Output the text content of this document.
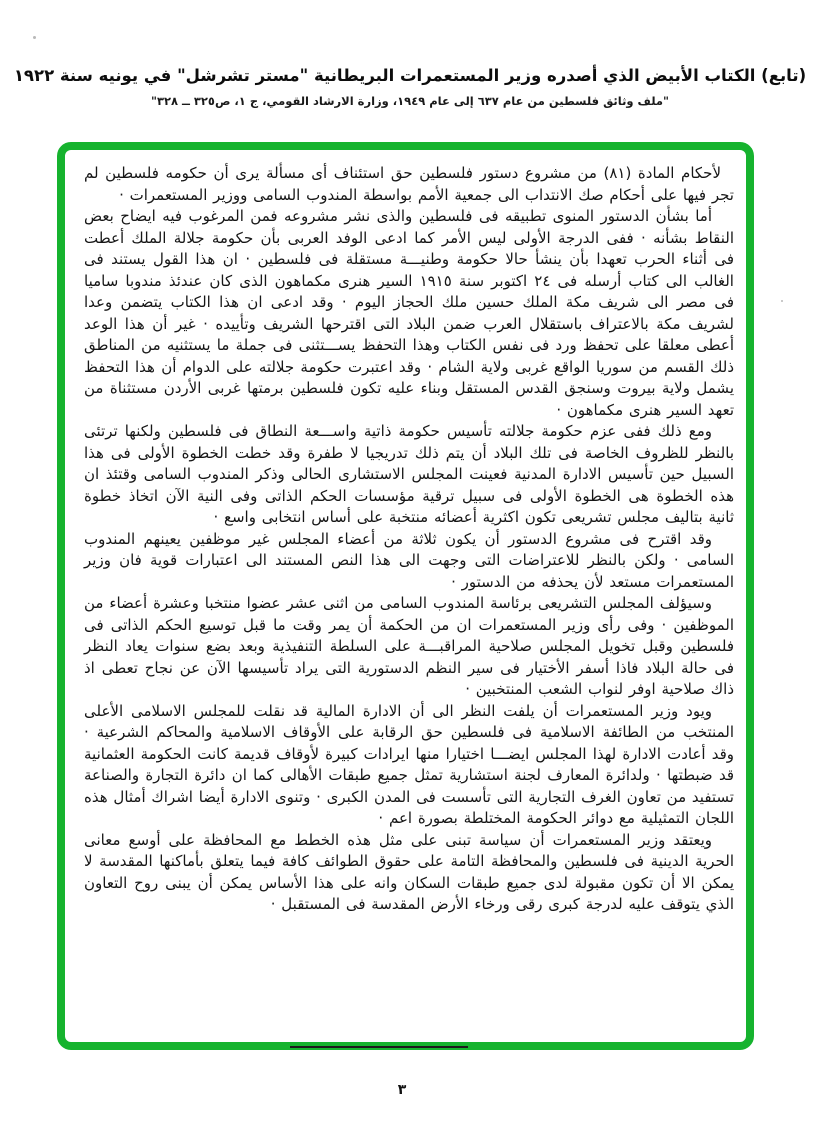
(تابع) الكتاب الأبيض الذي أصدره وزير المستعمرات البريطانية "مستر تشرشل" في يونيه سنة ١٩٢٢
"ملف وثائق فلسطين من عام ٦٣٧ إلى عام ١٩٤٩، وزارة الارشاد القومي، ج ١، ص٣٢٥ ــ ٣٢٨"

لأحكام المادة (٨١) من مشروع دستور فلسطين حق استئناف أى مسألة يرى أن حكومه فلسطين لم تجر فيها على أحكام صك الانتداب الى جمعية الأمم بواسطة المندوب السامى ووزير المستعمرات ·

أما بشأن الدستور المنوى تطبيقه فى فلسطين والذى نشر مشروعه فمن المرغوب فيه ايضاح بعض النقاط بشأنه · ففى الدرجة الأولى ليس الأمر كما ادعى الوفد العربى بأن حكومة جلالة الملك أعطت فى أثناء الحرب تعهدا بأن ينشأ حالا حكومة وطنيـــة مستقلة فى فلسطين · ان هذا القول يستند فى الغالب الى كتاب أرسله فى ٢٤ اكتوبر سنة ١٩١٥ السير هنرى مكماهون الذى كان عندئذ مندوبا ساميا فى مصر الى شريف مكة الملك حسين ملك الحجاز اليوم · وقد ادعى ان هذا الكتاب يتضمن وعدا لشريف مكة بالاعتراف باستقلال العرب ضمن البلاد التى اقترحها الشريف وتأييده · غير أن هذا الوعد أعطى معلقا على تحفظ ورد فى نفس الكتاب وهذا التحفظ يســـتثنى فى جملة ما يستثنيه من المناطق ذلك القسم من سوريا الواقع غربى ولاية الشام · وقد اعتبرت حكومة جلالته على الدوام أن هذا التحفظ يشمل ولاية بيروت وسنجق القدس المستقل وبناء عليه تكون فلسطين برمتها غربى الأردن مستثناة من تعهد السير هنرى مكماهون ·

ومع ذلك ففى عزم حكومة جلالته تأسيس حكومة ذاتية واســـعة النطاق فى فلسطين ولكنها ترتئى بالنظر للظروف الخاصة فى تلك البلاد أن يتم ذلك تدريجيا لا طفرة وقد خطت الخطوة الأولى فى هذا السبيل حين تأسيس الادارة المدنية فعينت المجلس الاستشارى الحالى وذكر المندوب السامى وقتئذ ان هذه الخطوة هى الخطوة الأولى فى سبيل ترقية مؤسسات الحكم الذاتى وفى النية الآن اتخاذ خطوة ثانية بتاليف مجلس تشريعى تكون اكثرية أعضائه منتخبة على أساس انتخابى واسع ·

وقد اقترح فى مشروع الدستور أن يكون ثلاثة من أعضاء المجلس غير موظفين يعينهم المندوب السامى · ولكن بالنظر للاعتراضات التى وجهت الى هذا النص المستند الى اعتبارات قوية فان وزير المستعمرات مستعد لأن يحذفه من الدستور ·

وسيؤلف المجلس التشريعى برئاسة المندوب السامى من اثنى عشر عضوا منتخبا وعشرة أعضاء من الموظفين · وفى رأى وزير المستعمرات ان من الحكمة أن يمر وقت ما قبل توسيع الحكم الذاتى فى فلسطين وقبل تخويل المجلس صلاحية المراقبـــة على السلطة التنفيذية وبعد بضع سنوات يعاد النظر فى حالة البلاد فاذا أسفر الأختيار فى سير النظم الدستورية التى يراد تأسيسها الآن عن نجاح تعطى اذ ذاك صلاحية اوفر لنواب الشعب المنتخبين ·

ويود وزير المستعمرات أن يلفت النظر الى أن الادارة المالية قد نقلت للمجلس الاسلامى الأعلى المنتخب من الطائفة الاسلامية فى فلسطين حق الرقابة على الأوقاف الاسلامية والمحاكم الشرعية · وقد أعادت الادارة لهذا المجلس ايضـــا اختيارا منها ايرادات كبيرة لأوقاف قديمة كانت الحكومة العثمانية قد ضبطتها · ولدائرة المعارف لجنة استشارية تمثل جميع طبقات الأهالى كما ان دائرة التجارة والصناعة تستفيد من تعاون الغرف التجارية التى تأسست فى المدن الكبرى · وتنوى الادارة أيضا اشراك أمثال هذه اللجان التمثيلية مع دوائر الحكومة المختلطة بصورة اعم ·

ويعتقد وزير المستعمرات أن سياسة تبنى على مثل هذه الخطط مع المحافظة على أوسع معانى الحرية الدينية فى فلسطين والمحافظة التامة على حقوق الطوائف كافة فيما يتعلق بأماكنها المقدسة لا يمكن الا أن تكون مقبولة لدى جميع طبقات السكان وانه على هذا الأساس يمكن أن يبنى روح التعاون الذي يتوقف عليه لدرجة كبرى رقى ورخاء الأرض المقدسة فى المستقبل ·

٣
